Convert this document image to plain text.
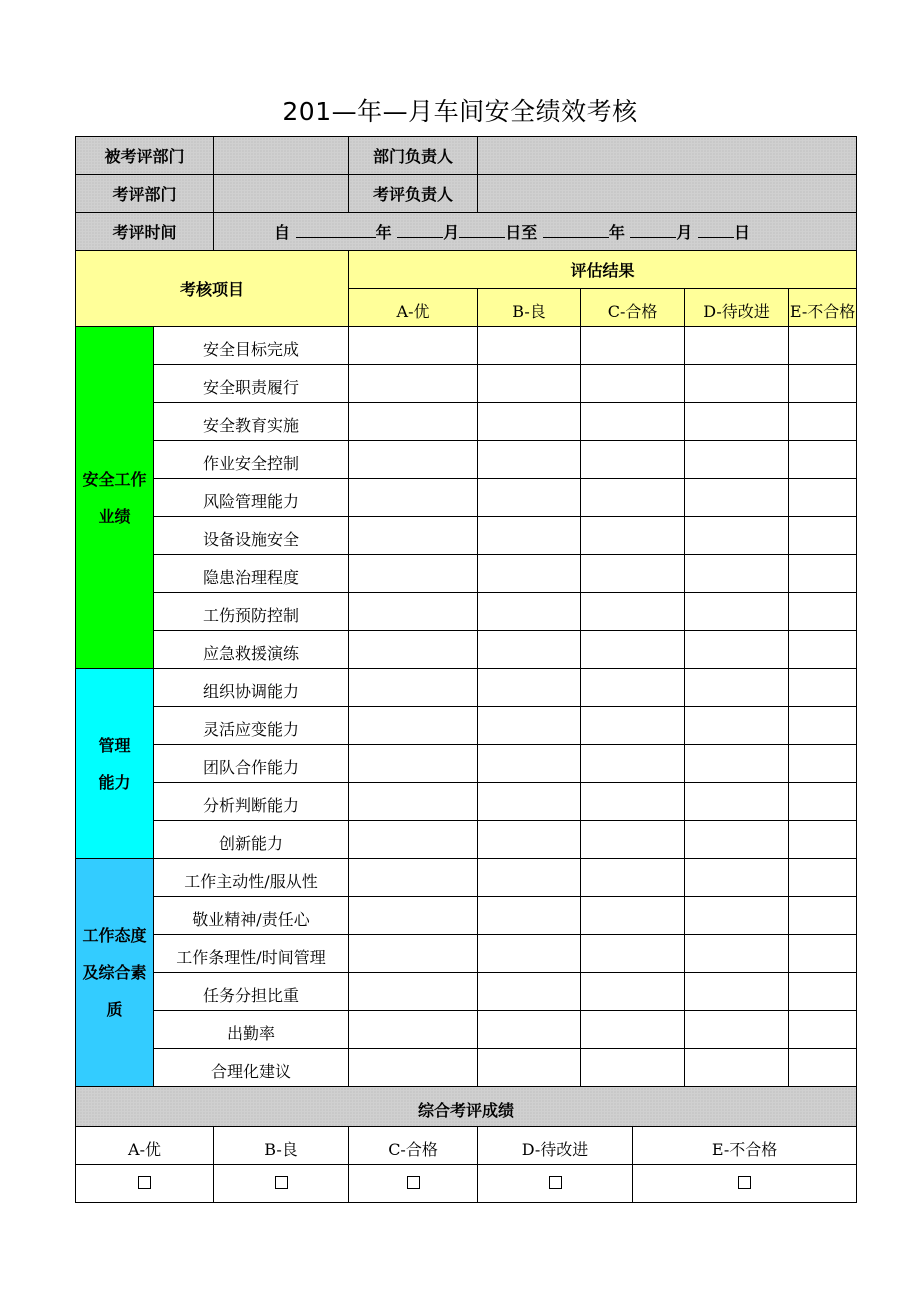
201—年—月车间安全绩效考核
被考评部门			部门负责人					
考评部门			考评负责人					
考评时间		自 年 月 日至 年 月 日						
考核项目			评估结果					
			A-优	B-良	C-合格		D-待改进	E-不合格
安全工作业绩	安全目标完成							
	安全职责履行							
	安全教育实施							
	作业安全控制							
	风险管理能力							
	设备设施安全							
	隐患治理程度							
	工伤预防控制							
	应急救援演练							
管理能力	组织协调能力							
	灵活应变能力							
	团队合作能力							
	分析判断能力							
	创新能力							
工作态度及综合素质	工作主动性/服从性							
	敬业精神/责任心							
	工作条理性/时间管理							
	任务分担比重							
	出勤率							
	合理化建议							
综合考评成绩								
A-优		B-良	C-合格	D-待改进		E-不合格		
